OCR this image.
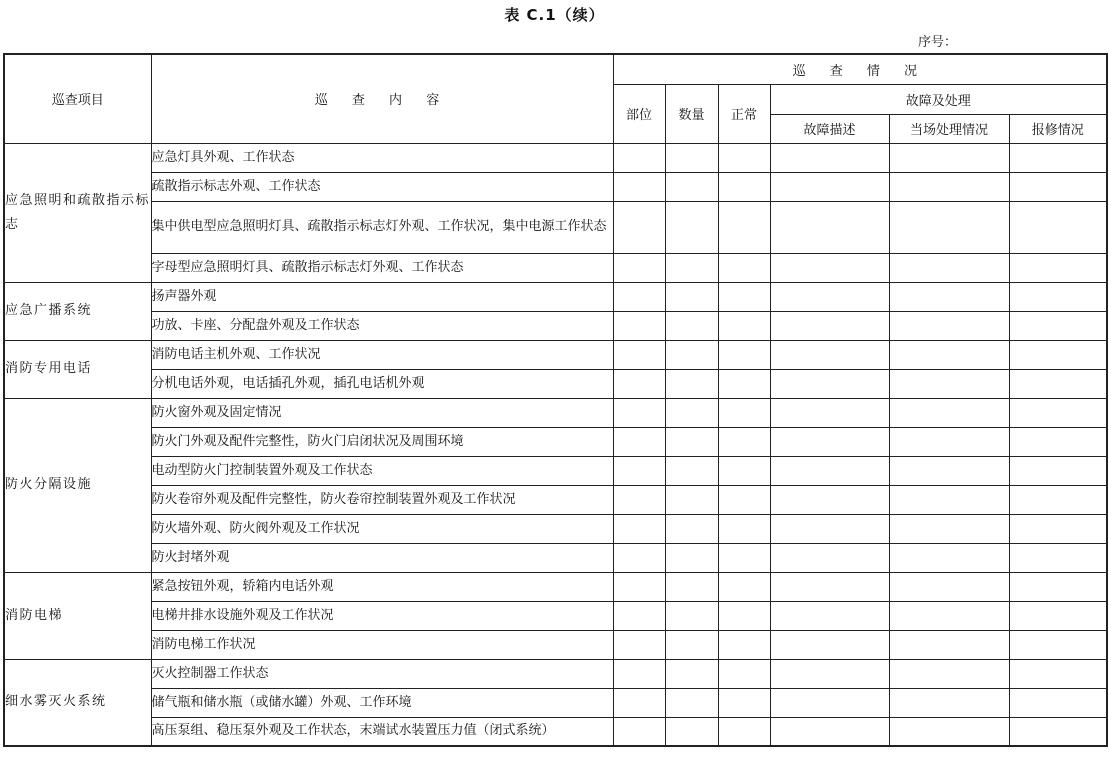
表 C.1（续）
序号：
巡查项目	巡 查 内 容	巡 查 情 况					
		部位	数量	正常	故障及处理		
					故障描述	当场处理情况	报修情况
应急照明和疏散指示标志	应急灯具外观、工作状态						
	疏散指示标志外观、工作状态						
	集中供电型应急照明灯具、疏散指示标志灯外观、工作状况，集中电源工作状态						
	字母型应急照明灯具、疏散指示标志灯外观、工作状态						
应急广播系统	扬声器外观						
	功放、卡座、分配盘外观及工作状态						
消防专用电话	消防电话主机外观、工作状况						
	分机电话外观，电话插孔外观，插孔电话机外观						
防火分隔设施	防火窗外观及固定情况						
	防火门外观及配件完整性，防火门启闭状况及周围环境						
	电动型防火门控制装置外观及工作状态						
	防火卷帘外观及配件完整性，防火卷帘控制装置外观及工作状况						
	防火墙外观、防火阀外观及工作状况						
	防火封堵外观						
消防电梯	紧急按钮外观，轿箱内电话外观						
	电梯井排水设施外观及工作状况						
	消防电梯工作状况						
细水雾灭火系统	灭火控制器工作状态						
	储气瓶和储水瓶（或储水罐）外观、工作环境						
	高压泵组、稳压泵外观及工作状态，末端试水装置压力值（闭式系统）						
